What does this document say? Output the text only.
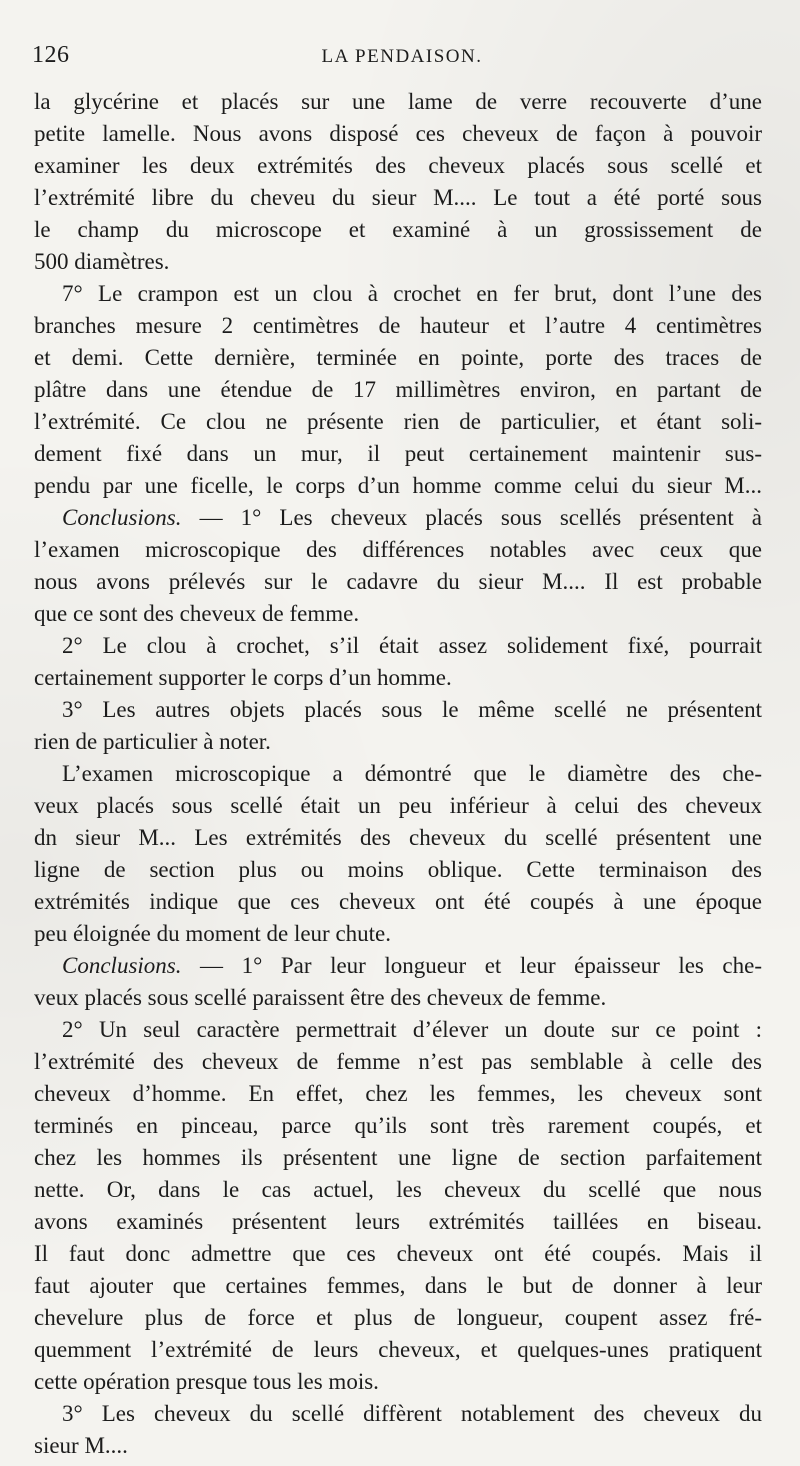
126	LA PENDAISON.
la glycérine et placés sur une lame de verre recouverte d’une
petite lamelle. Nous avons disposé ces cheveux de façon à pouvoir
examiner les deux extrémités des cheveux placés sous scellé et
l’extrémité libre du cheveu du sieur M.... Le tout a été porté sous
le champ du microscope et examiné à un grossissement de
500 diamètres.
7° Le crampon est un clou à crochet en fer brut, dont l’une des
branches mesure 2 centimètres de hauteur et l’autre 4 centimètres
et demi. Cette dernière, terminée en pointe, porte des traces de
plâtre dans une étendue de 17 millimètres environ, en partant de
l’extrémité. Ce clou ne présente rien de particulier, et étant soli-
dement fixé dans un mur, il peut certainement maintenir sus-
pendu par une ficelle, le corps d’un homme comme celui du sieur M...
Conclusions. — 1° Les cheveux placés sous scellés présentent à
l’examen microscopique des différences notables avec ceux que
nous avons prélevés sur le cadavre du sieur M.... Il est probable
que ce sont des cheveux de femme.
2° Le clou à crochet, s’il était assez solidement fixé, pourrait
certainement supporter le corps d’un homme.
3° Les autres objets placés sous le même scellé ne présentent
rien de particulier à noter.
L’examen microscopique a démontré que le diamètre des che-
veux placés sous scellé était un peu inférieur à celui des cheveux
dn sieur M... Les extrémités des cheveux du scellé présentent une
ligne de section plus ou moins oblique. Cette terminaison des
extrémités indique que ces cheveux ont été coupés à une époque
peu éloignée du moment de leur chute.
Conclusions. — 1° Par leur longueur et leur épaisseur les che-
veux placés sous scellé paraissent être des cheveux de femme.
2° Un seul caractère permettrait d’élever un doute sur ce point :
l’extrémité des cheveux de femme n’est pas semblable à celle des
cheveux d’homme. En effet, chez les femmes, les cheveux sont
terminés en pinceau, parce qu’ils sont très rarement coupés, et
chez les hommes ils présentent une ligne de section parfaitement
nette. Or, dans le cas actuel, les cheveux du scellé que nous
avons examinés présentent leurs extrémités taillées en biseau.
Il faut donc admettre que ces cheveux ont été coupés. Mais il
faut ajouter que certaines femmes, dans le but de donner à leur
chevelure plus de force et plus de longueur, coupent assez fré-
quemment l’extrémité de leurs cheveux, et quelques-unes pratiquent
cette opération presque tous les mois.
3° Les cheveux du scellé diffèrent notablement des cheveux du
sieur M....
